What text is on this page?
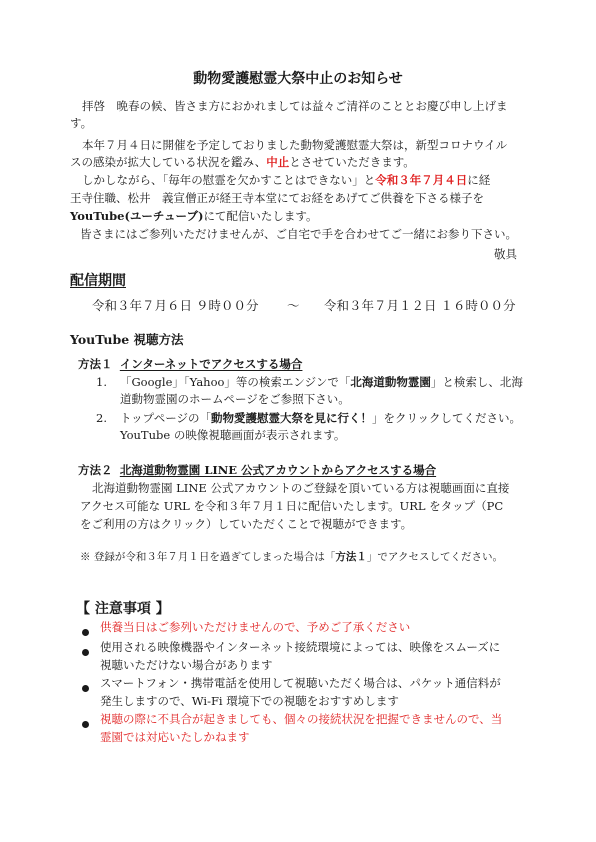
動物愛護慰霊大祭中止のお知らせ
拝啓　晩春の候、皆さま方におかれましては益々ご清祥のこととお慶び申し上げま
す。
本年７月４日に開催を予定しておりました動物愛護慰霊大祭は，新型コロナウイル
スの感染が拡大している状況を鑑み、中止とさせていただきます。
しかしながら、「毎年の慰霊を欠かすことはできない」と令和３年７月４日に経
王寺住職、松井　義宣僧正が経王寺本堂にてお経をあげてご供養を下さる様子を
YouTube(ユーチューブ)にて配信いたします。
皆さまにはご参列いただけませんが、ご自宅で手を合わせてご一緒にお参り下さい。
敬具
配信期間
令和３年７月６日 ９時００分 ～ 令和３年７月１２日 １６時００分
YouTube 視聴方法
方法１ インターネットでアクセスする場合
1. 「Google」「Yahoo」等の検索エンジンで「北海道動物霊園」と検索し、北海
道動物霊園のホームページをご参照下さい。
2. トップページの「動物愛護慰霊大祭を見に行く！」をクリックしてください。
YouTube の映像視聴画面が表示されます。
方法２ 北海道動物霊園 LINE 公式アカウントからアクセスする場合
北海道動物霊園 LINE 公式アカウントのご登録を頂いている方は視聴画面に直接
アクセス可能な URL を令和３年７月１日に配信いたします。URL をタップ（PC
をご利用の方はクリック）していただくことで視聴ができます。
※ 登録が令和３年７月１日を過ぎてしまった場合は「方法１」でアクセスしてください。
【 注意事項 】
供養当日はご参列いただけませんので、予めご了承ください
使用される映像機器やインターネット接続環境によっては、映像をスムーズに
視聴いただけない場合があります
スマートフォン・携帯電話を使用して視聴いただく場合は、パケット通信料が
発生しますので、Wi-Fi 環境下での視聴をおすすめします
視聴の際に不具合が起きましても、個々の接続状況を把握できませんので、当
霊園では対応いたしかねます
